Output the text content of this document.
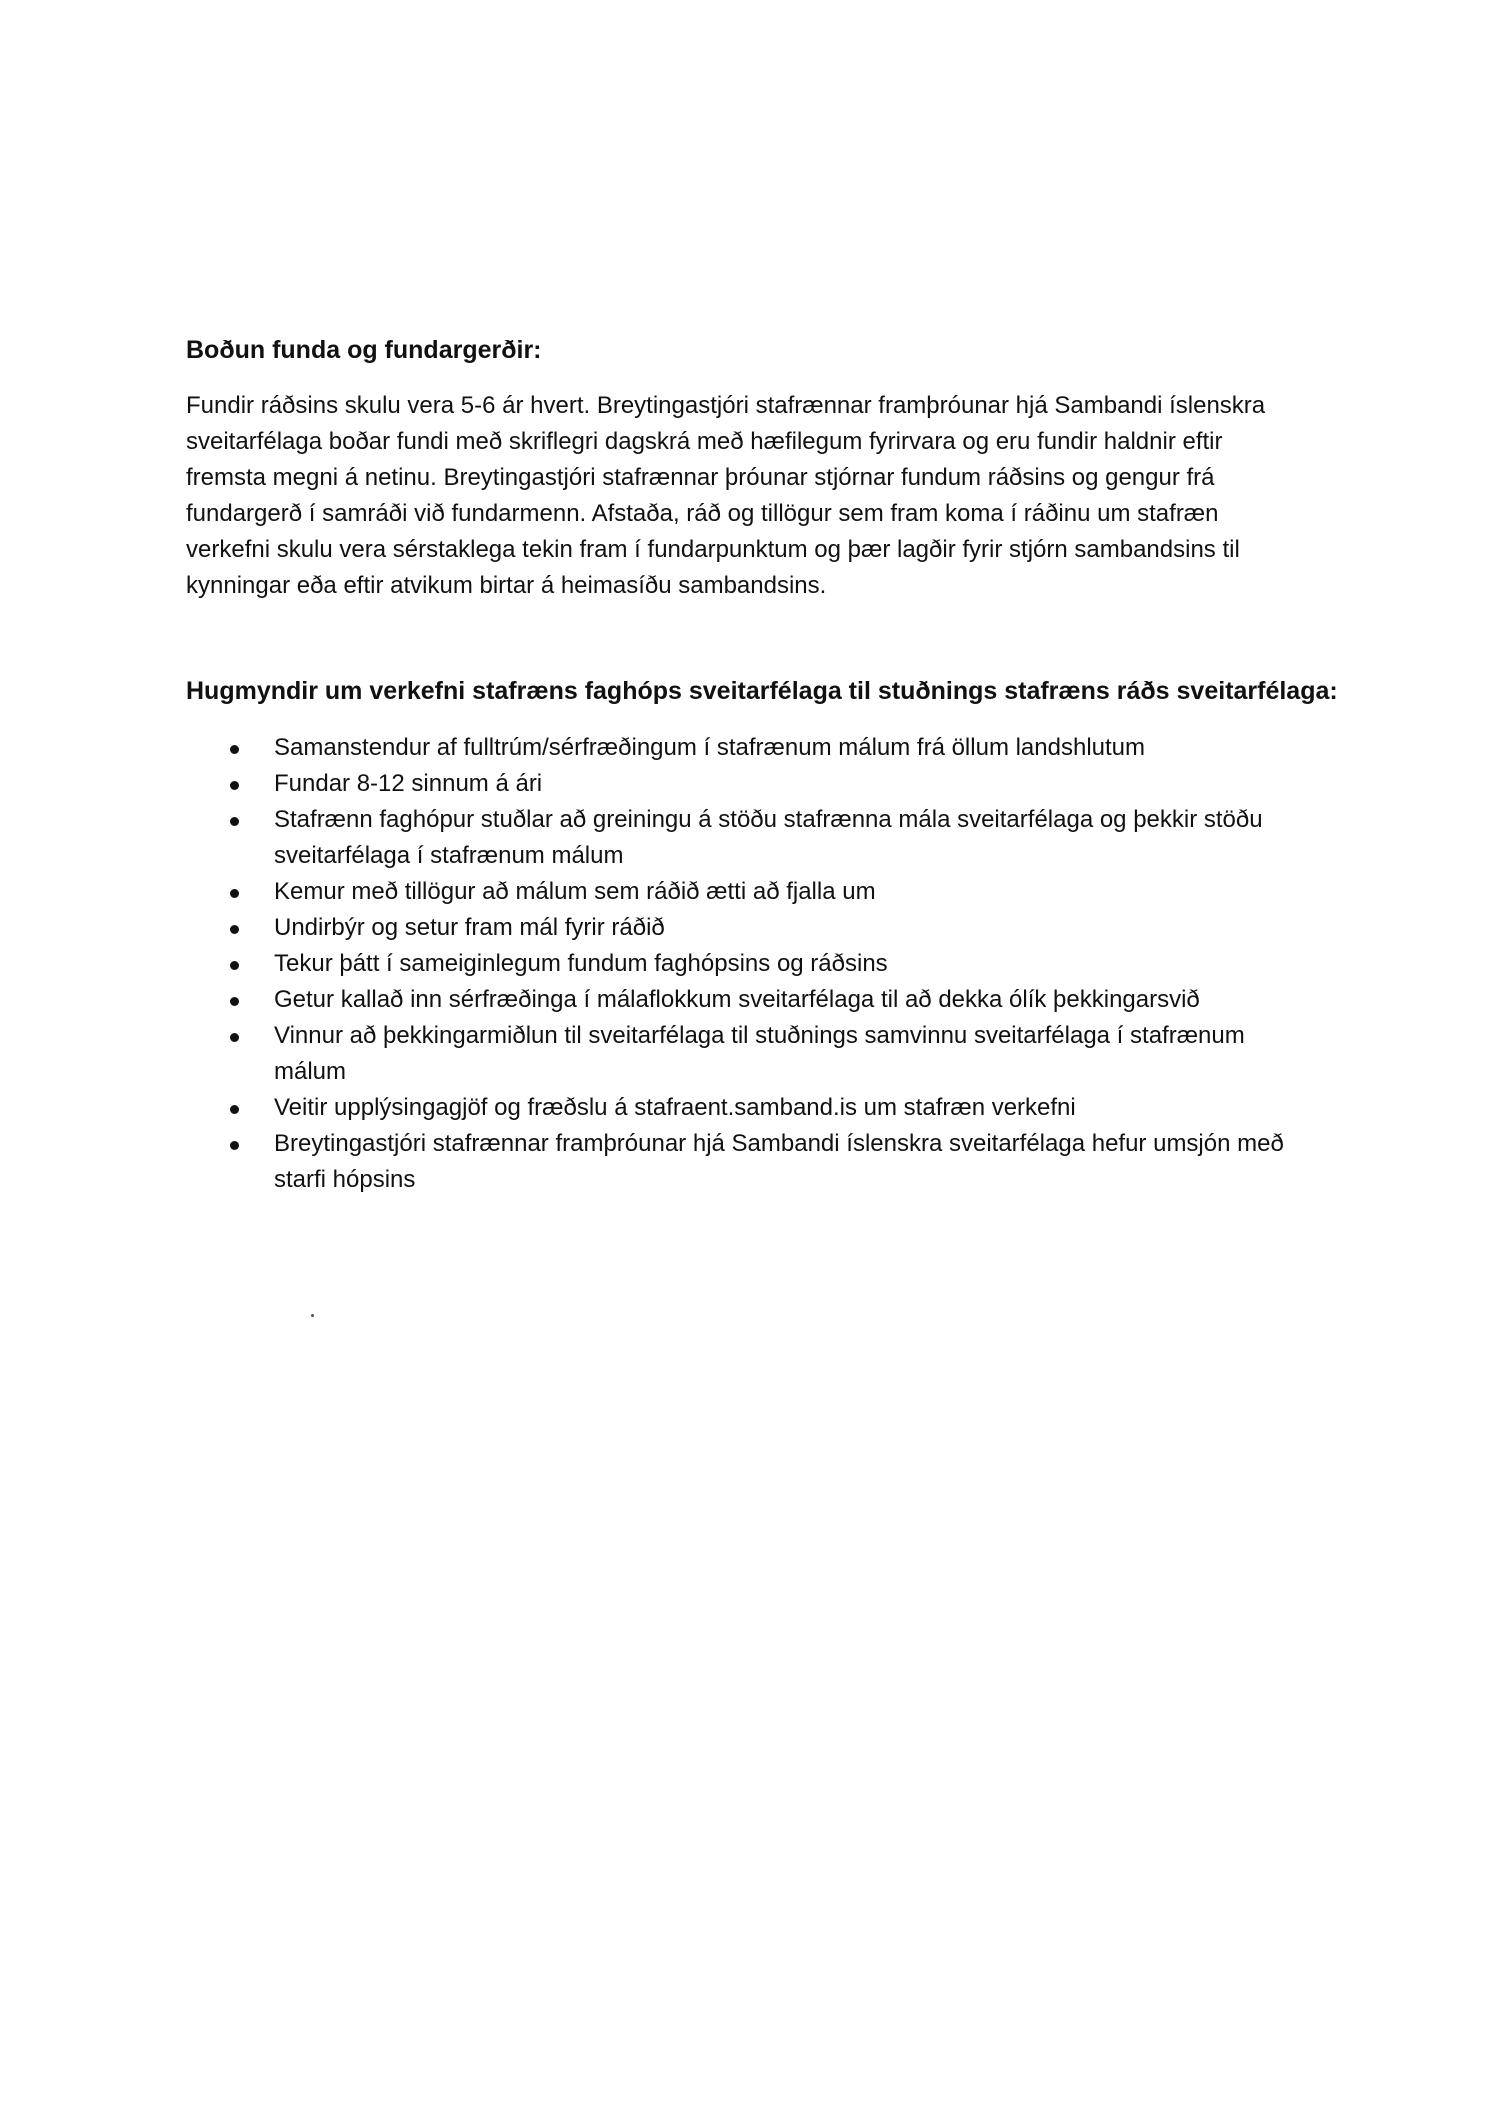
Boðun funda og fundargerðir:
Fundir ráðsins skulu vera 5-6 ár hvert. Breytingastjóri stafrænnar framþróunar hjá Sambandi íslenskra
sveitarfélaga boðar fundi með skriflegri dagskrá með hæfilegum fyrirvara og eru fundir haldnir eftir
fremsta megni á netinu. Breytingastjóri stafrænnar þróunar stjórnar fundum ráðsins og gengur frá
fundargerð í samráði við fundarmenn. Afstaða, ráð og tillögur sem fram koma í ráðinu um stafræn
verkefni skulu vera sérstaklega tekin fram í fundarpunktum og þær lagðir fyrir stjórn sambandsins til
kynningar eða eftir atvikum birtar á heimasíðu sambandsins.
Hugmyndir um verkefni stafræns faghóps sveitarfélaga til stuðnings stafræns ráðs sveitarfélaga:
Samanstendur af fulltrúm/sérfræðingum í stafrænum málum frá öllum landshlutum
Fundar 8-12 sinnum á ári
Stafrænn faghópur stuðlar að greiningu á stöðu stafrænna mála sveitarfélaga og þekkir stöðu
sveitarfélaga í stafrænum málum
Kemur með tillögur að málum sem ráðið ætti að fjalla um
Undirbýr og setur fram mál fyrir ráðið
Tekur þátt í sameiginlegum fundum faghópsins og ráðsins
Getur kallað inn sérfræðinga í málaflokkum sveitarfélaga til að dekka ólík þekkingarsvið
Vinnur að þekkingarmiðlun til sveitarfélaga til stuðnings samvinnu sveitarfélaga í stafrænum
málum
Veitir upplýsingagjöf og fræðslu á stafraent.samband.is um stafræn verkefni
Breytingastjóri stafrænnar framþróunar hjá Sambandi íslenskra sveitarfélaga hefur umsjón með
starfi hópsins
